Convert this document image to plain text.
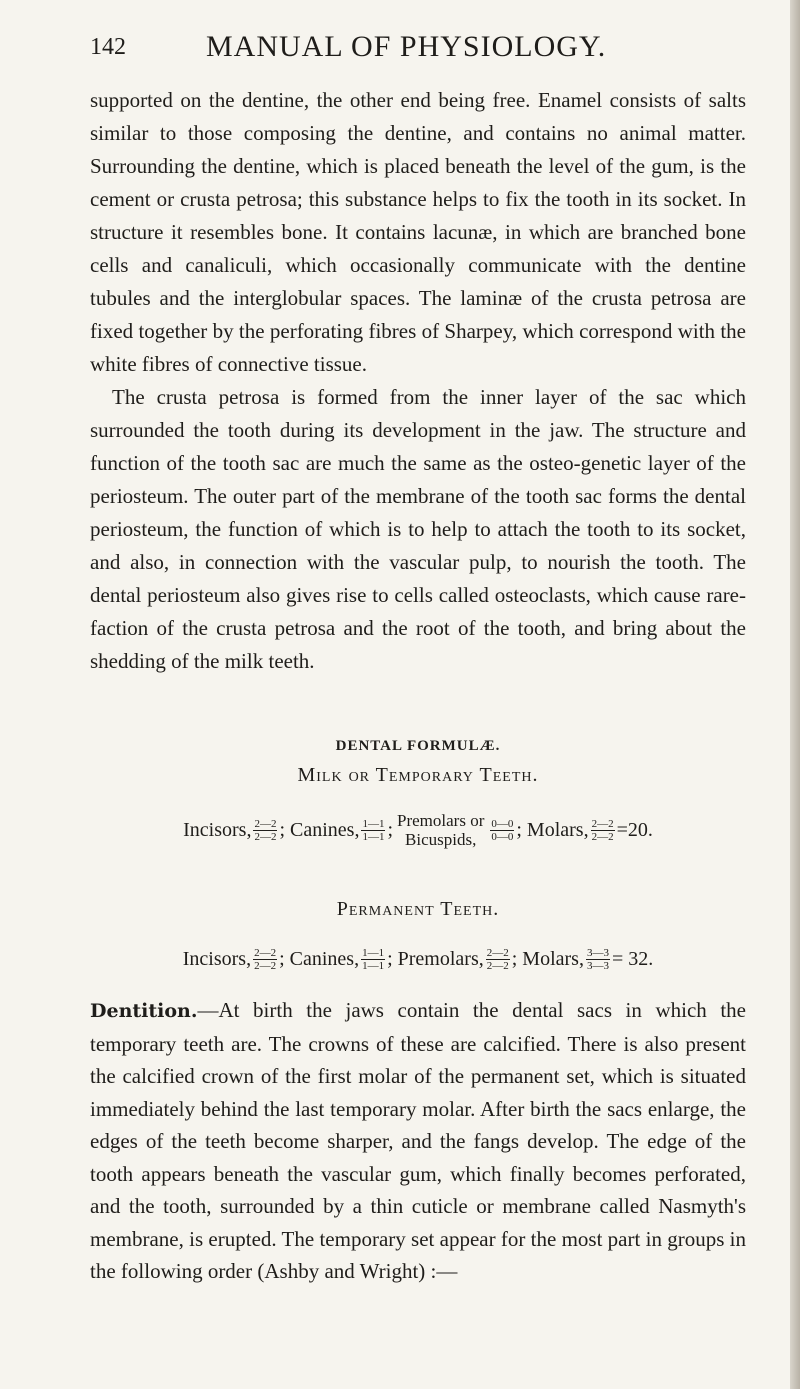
142	MANUAL OF PHYSIOLOGY.

supported on the dentine, the other end being free. Enamel consists of salts similar to those composing the dentine, and contains no animal matter. Surrounding the dentine, which is placed beneath the level of the gum, is the cement or crusta petrosa; this substance helps to fix the tooth in its socket. In structure it resembles bone. It contains lacunæ, in which are branched bone cells and canaliculi, which occasionally communicate with the dentine tubules and the interglobular spaces. The laminæ of the crusta petrosa are fixed together by the perforating fibres of Sharpey, which correspond with the white fibres of connective tissue.

The crusta petrosa is formed from the inner layer of the sac which surrounded the tooth during its development in the jaw. The structure and function of the tooth sac are much the same as the osteo-genetic layer of the periosteum. The outer part of the membrane of the tooth sac forms the dental periosteum, the function of which is to help to attach the tooth to its socket, and also, in connection with the vascular pulp, to nourish the tooth. The dental periosteum also gives rise to cells called osteoclasts, which cause rare-faction of the crusta petrosa and the root of the tooth, and bring about the shedding of the milk teeth.

DENTAL FORMULÆ.
Milk or Temporary Teeth.
Incisors, $\frac{2—2}{2—2}$ ; Canines, $\frac{1—1}{1—1}$ ; Premolars or
Bicuspids, $\frac{0—0}{0—0}$ ; Molars, $\frac{2—2}{2—2} =20$.
Permanent Teeth.
Incisors, $\frac{2—2}{2—2}$ ; Canines, $\frac{1—1}{1—1}$ ; Premolars, $\frac{2—2}{2—2}$ ; Molars, $\frac{3—3}{3—3} = 32$.
Dentition.—At birth the jaws contain the dental sacs in which the temporary teeth are. The crowns of these are calcified. There is also present the calcified crown of the first molar of the permanent set, which is situated immediately behind the last temporary molar. After birth the sacs enlarge, the edges of the teeth become sharper, and the fangs develop. The edge of the tooth appears beneath the vascular gum, which finally becomes perforated, and the tooth, surrounded by a thin cuticle or membrane called Nasmyth's membrane, is erupted. The temporary set appear for the most part in groups in the following order (Ashby and Wright) :—
